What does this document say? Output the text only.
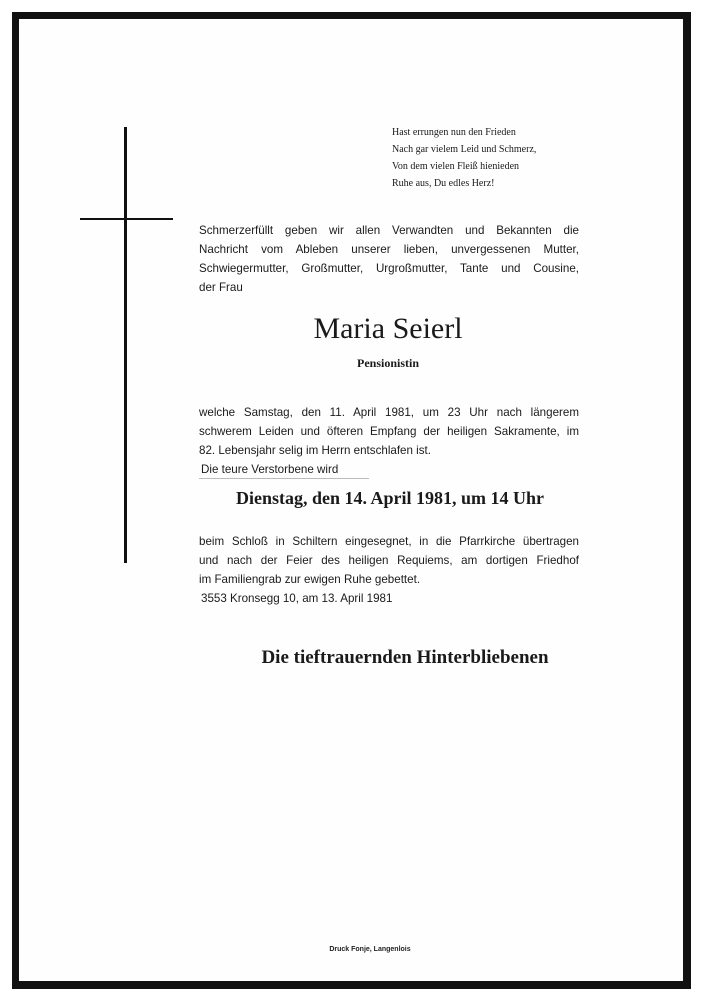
Hast errungen nun den Frieden
Nach gar vielem Leid und Schmerz,
Von dem vielen Fleiß hienieden
Ruhe aus, Du edles Herz!
Schmerzerfüllt geben wir allen Verwandten und Bekannten die
Nachricht vom Ableben unserer lieben, unvergessenen Mutter,
Schwiegermutter, Großmutter, Urgroßmutter, Tante und Cousine,
der Frau
Maria Seierl
Pensionistin
welche Samstag, den 11. April 1981, um 23 Uhr nach längerem
schwerem Leiden und öfteren Empfang der heiligen Sakramente, im
82. Lebensjahr selig im Herrn entschlafen ist.
Die teure Verstorbene wird
Dienstag, den 14. April 1981, um 14 Uhr
beim Schloß in Schiltern eingesegnet, in die Pfarrkirche übertragen
und nach der Feier des heiligen Requiems, am dortigen Friedhof
im Familiengrab zur ewigen Ruhe gebettet.
3553 Kronsegg 10, am 13. April 1981
Die tieftrauernden Hinterbliebenen
Druck Fonje, Langenlois
